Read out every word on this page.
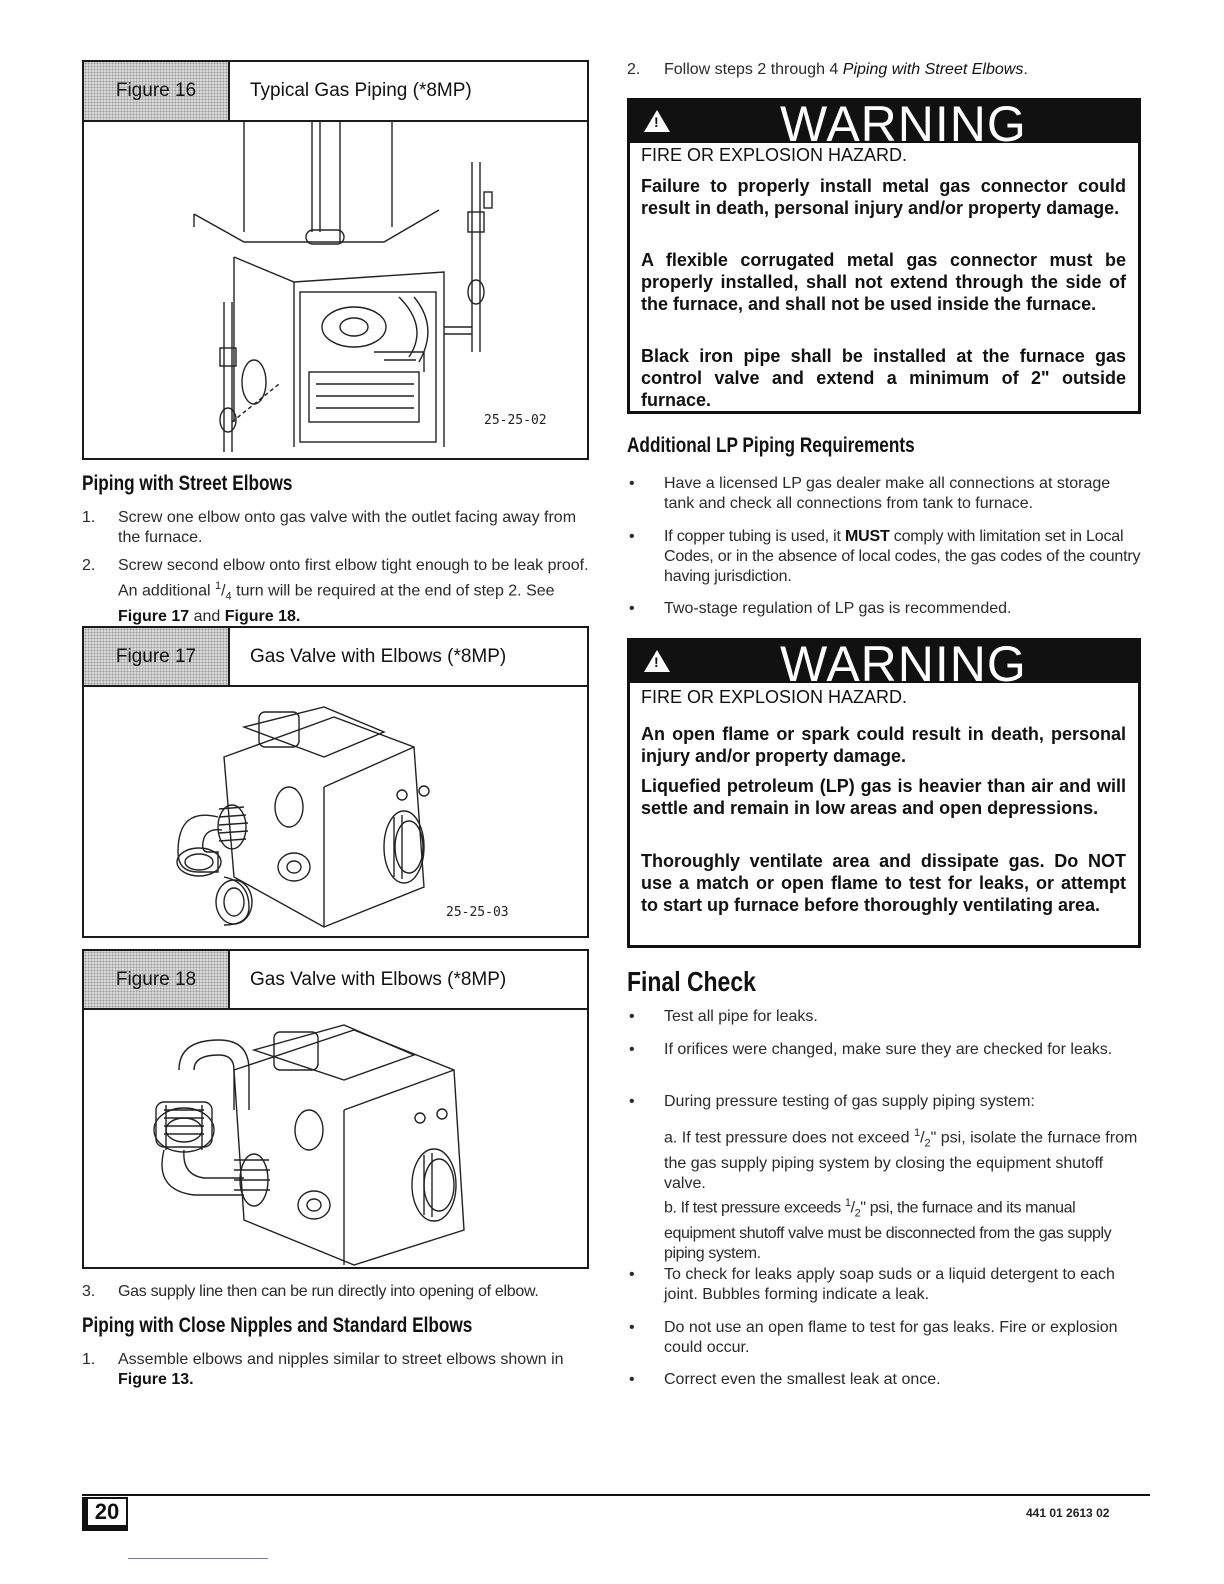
Figure 16	Typical Gas Piping (*8MP)
25-25-02
Piping with Street Elbows
1. Screw one elbow onto gas valve with the outlet facing away from the furnace.
2. Screw second elbow onto first elbow tight enough to be leak proof. An additional $^1/_4$ turn will be required at the end of step 2. See Figure 17 and Figure 18.
Figure 17	Gas Valve with Elbows (*8MP)
25-25-03
Figure 18	Gas Valve with Elbows (*8MP)
3. Gas supply line then can be run directly into opening of elbow.
Piping with Close Nipples and Standard Elbows
1. Assemble elbows and nipples similar to street elbows shown in Figure 13.
2. Follow steps 2 through 4 Piping with Street Elbows.
!
WARNING
FIRE OR EXPLOSION HAZARD.
Failure to properly install metal gas connector could result in death, personal injury and/or property damage.
A flexible corrugated metal gas connector must be properly installed, shall not extend through the side of the furnace, and shall not be used inside the furnace.
Black iron pipe shall be installed at the furnace gas control valve and extend a minimum of 2" outside furnace.
Additional LP Piping Requirements
• Have a licensed LP gas dealer make all connections at storage tank and check all connections from tank to furnace.
• If copper tubing is used, it MUST comply with limitation set in Local Codes, or in the absence of local codes, the gas codes of the country having jurisdiction.
• Two-stage regulation of LP gas is recommended.
!
WARNING
FIRE OR EXPLOSION HAZARD.
An open flame or spark could result in death, personal injury and/or property damage.
Liquefied petroleum (LP) gas is heavier than air and will settle and remain in low areas and open depressions.
Thoroughly ventilate area and dissipate gas. Do NOT use a match or open flame to test for leaks, or attempt to start up furnace before thoroughly ventilating area.
Final Check
• Test all pipe for leaks.
• If orifices were changed, make sure they are checked for leaks.
• During pressure testing of gas supply piping system:
a. If test pressure does not exceed $^1/_2$" psi, isolate the furnace from the gas supply piping system by closing the equipment shutoff valve.
b. If test pressure exceeds $^1/_2$" psi, the furnace and its manual equipment shutoff valve must be disconnected from the gas supply piping system.
• To check for leaks apply soap suds or a liquid detergent to each joint. Bubbles forming indicate a leak.
• Do not use an open flame to test for gas leaks. Fire or explosion could occur.
• Correct even the smallest leak at once.
20	441 01 2613 02
